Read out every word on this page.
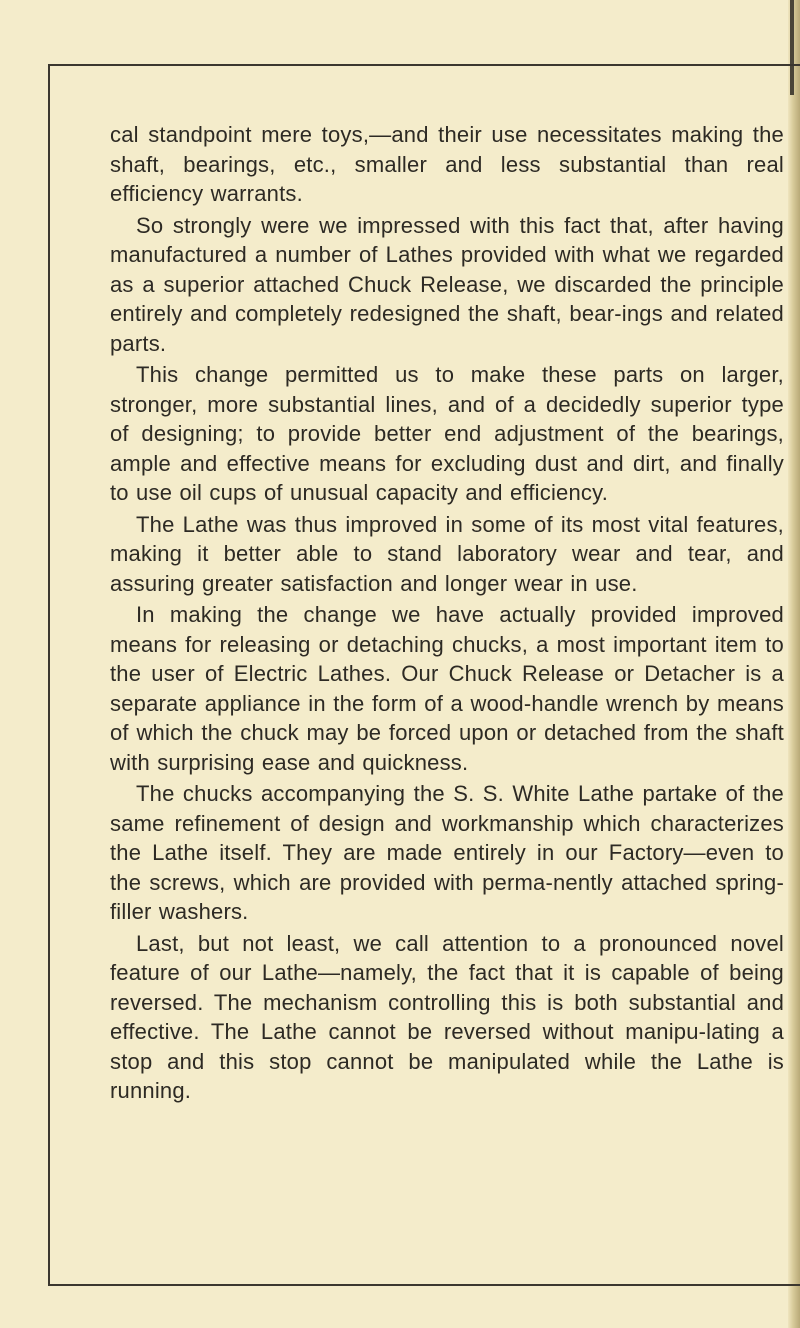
cal standpoint mere toys,—and their use necessitates making the shaft, bearings, etc., smaller and less substantial than real efficiency warrants.

So strongly were we impressed with this fact that, after having manufactured a number of Lathes provided with what we regarded as a superior attached Chuck Release, we discarded the principle entirely and completely redesigned the shaft, bear-ings and related parts.

This change permitted us to make these parts on larger, stronger, more substantial lines, and of a decidedly superior type of designing; to provide better end adjustment of the bearings, ample and effective means for excluding dust and dirt, and finally to use oil cups of unusual capacity and efficiency.

The Lathe was thus improved in some of its most vital features, making it better able to stand laboratory wear and tear, and assuring greater satisfaction and longer wear in use.

In making the change we have actually provided improved means for releasing or detaching chucks, a most important item to the user of Electric Lathes. Our Chuck Release or Detacher is a separate appliance in the form of a wood-handle wrench by means of which the chuck may be forced upon or detached from the shaft with surprising ease and quickness.

The chucks accompanying the S. S. White Lathe partake of the same refinement of design and workmanship which characterizes the Lathe itself. They are made entirely in our Factory—even to the screws, which are provided with perma-nently attached spring-filler washers.

Last, but not least, we call attention to a pronounced novel feature of our Lathe—namely, the fact that it is capable of being reversed. The mechanism controlling this is both substantial and effective. The Lathe cannot be reversed without manipu-lating a stop and this stop cannot be manipulated while the Lathe is running.
